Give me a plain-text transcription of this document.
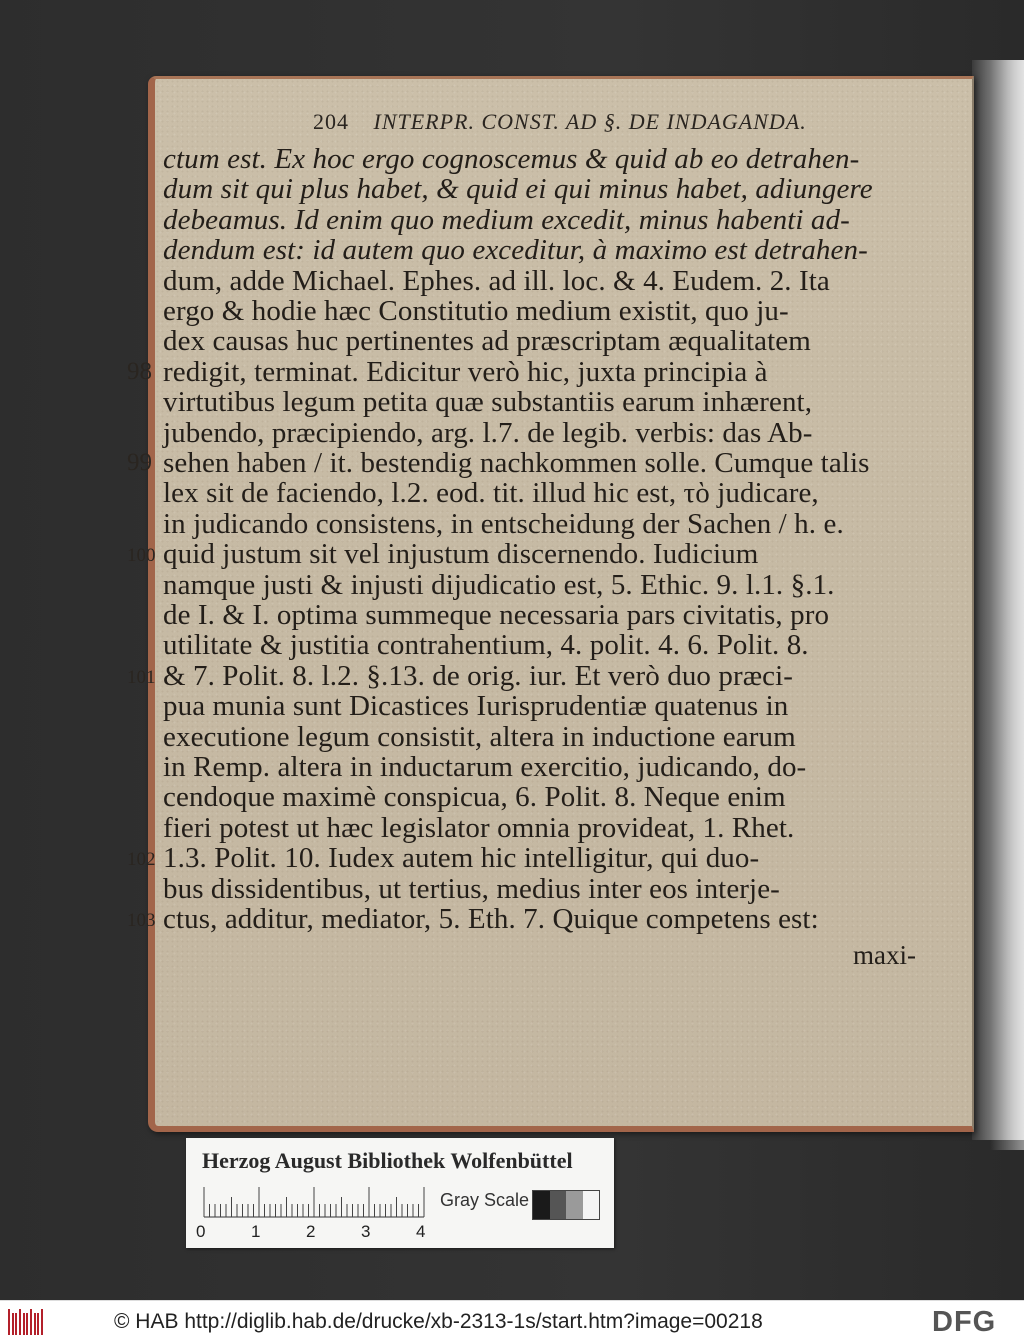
204 INTERPR. CONST. AD §. DE INDAGANDA.
ctum est. Ex hoc ergo cognoscemus & quid ab eo detrahen-
dum sit qui plus habet, & quid ei qui minus habet, adiungere
debeamus. Id enim quo medium excedit, minus habenti ad-
dendum est: id autem quo exceditur, à maximo est detrahen-
dum, adde Michael. Ephes. ad ill. loc. & 4. Eudem. 2. Ita
ergo & hodie hæc Constitutio medium existit, quo ju-
dex causas huc pertinentes ad præscriptam æqualitatem
redigit, terminat. Edicitur verò hic, juxta principia à
virtutibus legum petita quæ substantiis earum inhærent,
jubendo, præcipiendo, arg. l.7. de legib. verbis: das Ab-
sehen haben / it. bestendig nachkommen solle. Cumque talis
lex sit de faciendo, l.2. eod. tit. illud hic est, τὸ judicare,
in judicando consistens, in entscheidung der Sachen / h. e.
quid justum sit vel injustum discernendo. Iudicium
namque justi & injusti dijudicatio est, 5. Ethic. 9. l.1. §.1.
de I. & I. optima summeque necessaria pars civitatis, pro
utilitate & justitia contrahentium, 4. polit. 4. 6. Polit. 8.
& 7. Polit. 8. l.2. §.13. de orig. iur. Et verò duo præci-
pua munia sunt Dicastices Iurisprudentiæ quatenus in
executione legum consistit, altera in inductione earum
in Remp. altera in inductarum exercitio, judicando, do-
cendoque maximè conspicua, 6. Polit. 8. Neque enim
fieri potest ut hæc legislator omnia provideat, 1. Rhet.
1.3. Polit. 10. Iudex autem hic intelligitur, qui duo-
bus dissidentibus, ut tertius, medius inter eos interje-
ctus, additur, mediator, 5. Eth. 7. Quique competens est:
98
99
100
101
102
103
maxi-
Herzog August Bibliothek Wolfenbüttel
0	1	2	3	4
Gray Scale
© HAB http://diglib.hab.de/drucke/xb-2313-1s/start.htm?image=00218	DFG
